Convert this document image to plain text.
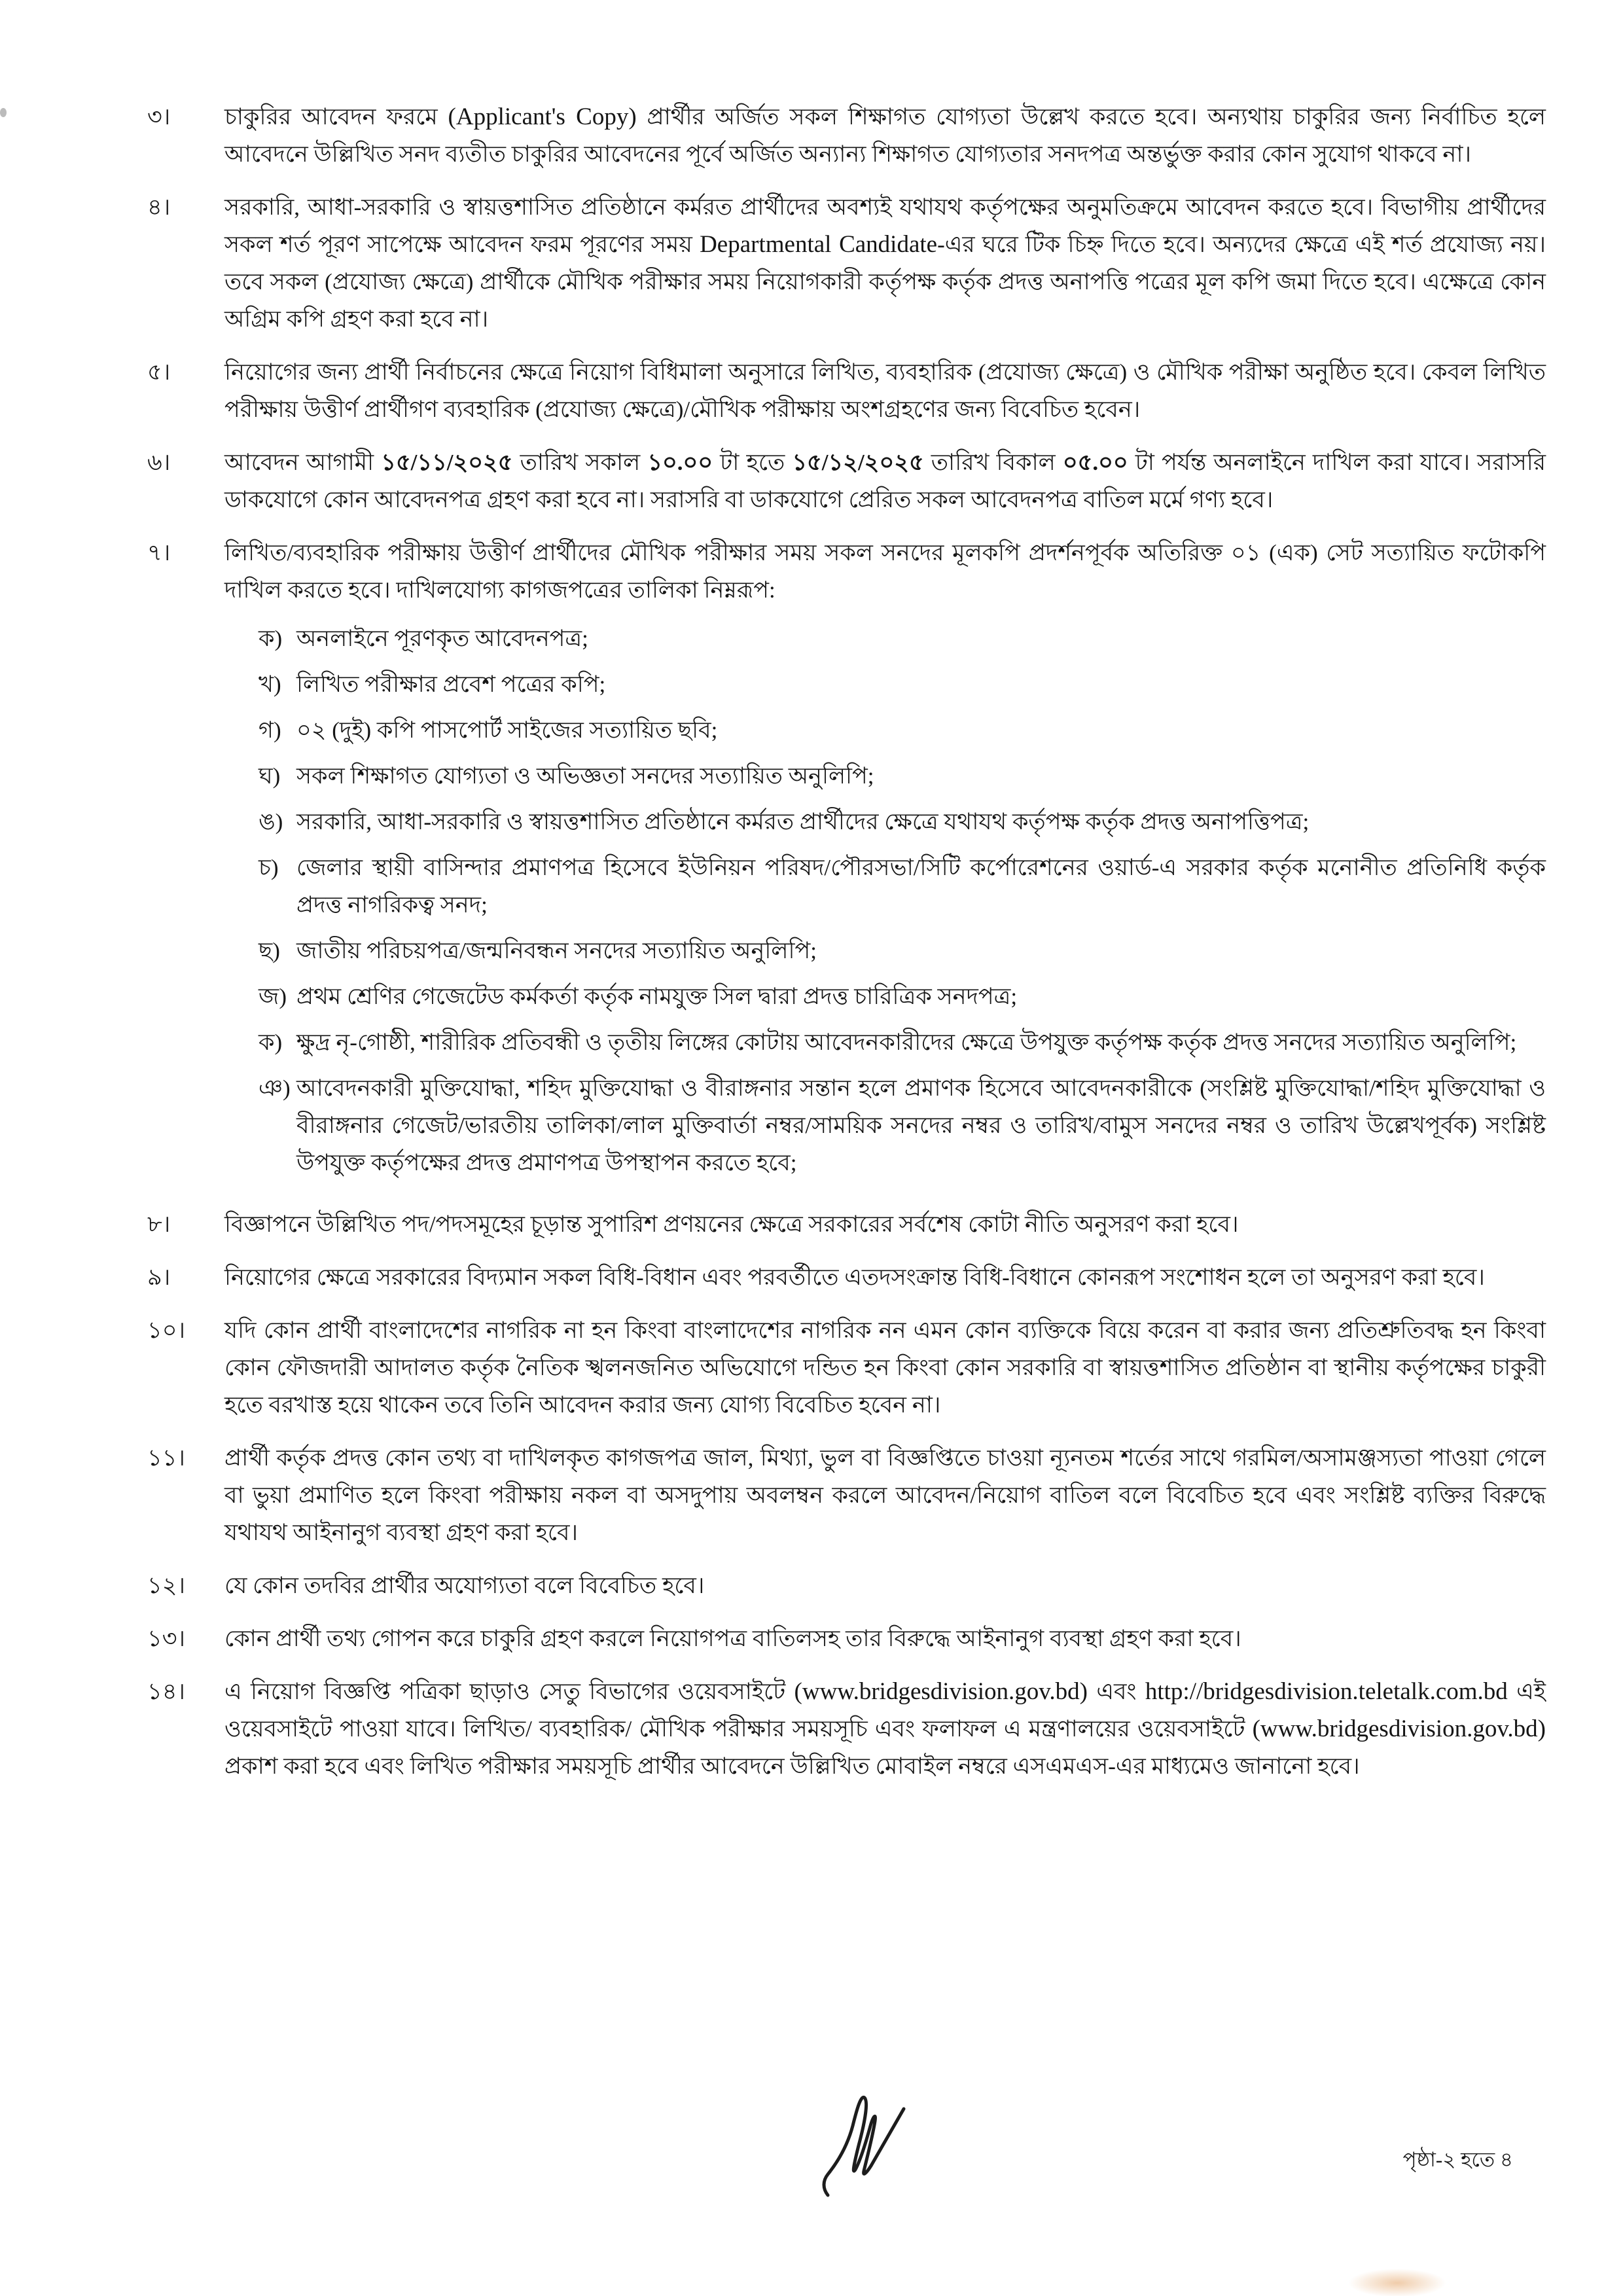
৩।	চাকুরির আবেদন ফরমে (Applicant's Copy) প্রার্থীর অর্জিত সকল শিক্ষাগত যোগ্যতা উল্লেখ করতে হবে। অন্যথায় চাকুরির জন্য নির্বাচিত হলে আবেদনে উল্লিখিত সনদ ব্যতীত চাকুরির আবেদনের পূর্বে অর্জিত অন্যান্য শিক্ষাগত যোগ্যতার সনদপত্র অন্তর্ভুক্ত করার কোন সুযোগ থাকবে না।
৪।	সরকারি, আধা-সরকারি ও স্বায়ত্তশাসিত প্রতিষ্ঠানে কর্মরত প্রার্থীদের অবশ্যই যথাযথ কর্তৃপক্ষের অনুমতিক্রমে আবেদন করতে হবে। বিভাগীয় প্রার্থীদের সকল শর্ত পূরণ সাপেক্ষে আবেদন ফরম পূরণের সময় Departmental Candidate-এর ঘরে টিক চিহ্ন দিতে হবে। অন্যদের ক্ষেত্রে এই শর্ত প্রযোজ্য নয়। তবে সকল (প্রযোজ্য ক্ষেত্রে) প্রার্থীকে মৌখিক পরীক্ষার সময় নিয়োগকারী কর্তৃপক্ষ কর্তৃক প্রদত্ত অনাপত্তি পত্রের মূল কপি জমা দিতে হবে। এক্ষেত্রে কোন অগ্রিম কপি গ্রহণ করা হবে না।
৫।	নিয়োগের জন্য প্রার্থী নির্বাচনের ক্ষেত্রে নিয়োগ বিধিমালা অনুসারে লিখিত, ব্যবহারিক (প্রযোজ্য ক্ষেত্রে) ও মৌখিক পরীক্ষা অনুষ্ঠিত হবে। কেবল লিখিত পরীক্ষায় উত্তীর্ণ প্রার্থীগণ ব্যবহারিক (প্রযোজ্য ক্ষেত্রে)/মৌখিক পরীক্ষায় অংশগ্রহণের জন্য বিবেচিত হবেন।
৬।	আবেদন আগামী ১৫/১১/২০২৫ তারিখ সকাল ১০.০০ টা হতে ১৫/১২/২০২৫ তারিখ বিকাল ০৫.০০ টা পর্যন্ত অনলাইনে দাখিল করা যাবে। সরাসরি ডাকযোগে কোন আবেদনপত্র গ্রহণ করা হবে না। সরাসরি বা ডাকযোগে প্রেরিত সকল আবেদনপত্র বাতিল মর্মে গণ্য হবে।
৭।	লিখিত/ব্যবহারিক পরীক্ষায় উত্তীর্ণ প্রার্থীদের মৌখিক পরীক্ষার সময় সকল সনদের মূলকপি প্রদর্শনপূর্বক অতিরিক্ত ০১ (এক) সেট সত্যায়িত ফটোকপি দাখিল করতে হবে। দাখিলযোগ্য কাগজপত্রের তালিকা নিম্নরূপ:
ক) অনলাইনে পূরণকৃত আবেদনপত্র;
খ) লিখিত পরীক্ষার প্রবেশ পত্রের কপি;
গ) ০২ (দুই) কপি পাসপোর্ট সাইজের সত্যায়িত ছবি;
ঘ) সকল শিক্ষাগত যোগ্যতা ও অভিজ্ঞতা সনদের সত্যায়িত অনুলিপি;
ঙ) সরকারি, আধা-সরকারি ও স্বায়ত্তশাসিত প্রতিষ্ঠানে কর্মরত প্রার্থীদের ক্ষেত্রে যথাযথ কর্তৃপক্ষ কর্তৃক প্রদত্ত অনাপত্তিপত্র;
চ) জেলার স্থায়ী বাসিন্দার প্রমাণপত্র হিসেবে ইউনিয়ন পরিষদ/পৌরসভা/সিটি কর্পোরেশনের ওয়ার্ড-এ সরকার কর্তৃক মনোনীত প্রতিনিধি কর্তৃক প্রদত্ত নাগরিকত্ব সনদ;
ছ) জাতীয় পরিচয়পত্র/জন্মনিবন্ধন সনদের সত্যায়িত অনুলিপি;
জ) প্রথম শ্রেণির গেজেটেড কর্মকর্তা কর্তৃক নামযুক্ত সিল দ্বারা প্রদত্ত চারিত্রিক সনদপত্র;
ক) ক্ষুদ্র নৃ-গোষ্ঠী, শারীরিক প্রতিবন্ধী ও তৃতীয় লিঙ্গের কোটায় আবেদনকারীদের ক্ষেত্রে উপযুক্ত কর্তৃপক্ষ কর্তৃক প্রদত্ত সনদের সত্যায়িত অনুলিপি;
ঞ) আবেদনকারী মুক্তিযোদ্ধা, শহিদ মুক্তিযোদ্ধা ও বীরাঙ্গনার সন্তান হলে প্রমাণক হিসেবে আবেদনকারীকে (সংশ্লিষ্ট মুক্তিযোদ্ধা/শহিদ মুক্তিযোদ্ধা ও বীরাঙ্গনার গেজেট/ভারতীয় তালিকা/লাল মুক্তিবার্তা নম্বর/সাময়িক সনদের নম্বর ও তারিখ/বামুস সনদের নম্বর ও তারিখ উল্লেখপূর্বক) সংশ্লিষ্ট উপযুক্ত কর্তৃপক্ষের প্রদত্ত প্রমাণপত্র উপস্থাপন করতে হবে;
৮।	বিজ্ঞাপনে উল্লিখিত পদ/পদসমূহের চূড়ান্ত সুপারিশ প্রণয়নের ক্ষেত্রে সরকারের সর্বশেষ কোটা নীতি অনুসরণ করা হবে।
৯।	নিয়োগের ক্ষেত্রে সরকারের বিদ্যমান সকল বিধি-বিধান এবং পরবর্তীতে এতদসংক্রান্ত বিধি-বিধানে কোনরূপ সংশোধন হলে তা অনুসরণ করা হবে।
১০।	যদি কোন প্রার্থী বাংলাদেশের নাগরিক না হন কিংবা বাংলাদেশের নাগরিক নন এমন কোন ব্যক্তিকে বিয়ে করেন বা করার জন্য প্রতিশ্রুতিবদ্ধ হন কিংবা কোন ফৌজদারী আদালত কর্তৃক নৈতিক স্খলনজনিত অভিযোগে দন্ডিত হন কিংবা কোন সরকারি বা স্বায়ত্তশাসিত প্রতিষ্ঠান বা স্থানীয় কর্তৃপক্ষের চাকুরী হতে বরখাস্ত হয়ে থাকেন তবে তিনি আবেদন করার জন্য যোগ্য বিবেচিত হবেন না।
১১।	প্রার্থী কর্তৃক প্রদত্ত কোন তথ্য বা দাখিলকৃত কাগজপত্র জাল, মিথ্যা, ভুল বা বিজ্ঞপ্তিতে চাওয়া ন্যূনতম শর্তের সাথে গরমিল/অসামঞ্জস্যতা পাওয়া গেলে বা ভুয়া প্রমাণিত হলে কিংবা পরীক্ষায় নকল বা অসদুপায় অবলম্বন করলে আবেদন/নিয়োগ বাতিল বলে বিবেচিত হবে এবং সংশ্লিষ্ট ব্যক্তির বিরুদ্ধে যথাযথ আইনানুগ ব্যবস্থা গ্রহণ করা হবে।
১২।	যে কোন তদবির প্রার্থীর অযোগ্যতা বলে বিবেচিত হবে।
১৩।	কোন প্রার্থী তথ্য গোপন করে চাকুরি গ্রহণ করলে নিয়োগপত্র বাতিলসহ তার বিরুদ্ধে আইনানুগ ব্যবস্থা গ্রহণ করা হবে।
১৪।	এ নিয়োগ বিজ্ঞপ্তি পত্রিকা ছাড়াও সেতু বিভাগের ওয়েবসাইটে (www.bridgesdivision.gov.bd) এবং http://bridgesdivision.teletalk.com.bd এই ওয়েবসাইটে পাওয়া যাবে। লিখিত/ ব্যবহারিক/ মৌখিক পরীক্ষার সময়সূচি এবং ফলাফল এ মন্ত্রণালয়ের ওয়েবসাইটে (www.bridgesdivision.gov.bd) প্রকাশ করা হবে এবং লিখিত পরীক্ষার সময়সূচি প্রার্থীর আবেদনে উল্লিখিত মোবাইল নম্বরে এসএমএস-এর মাধ্যমেও জানানো হবে।
পৃষ্ঠা-২ হতে ৪
